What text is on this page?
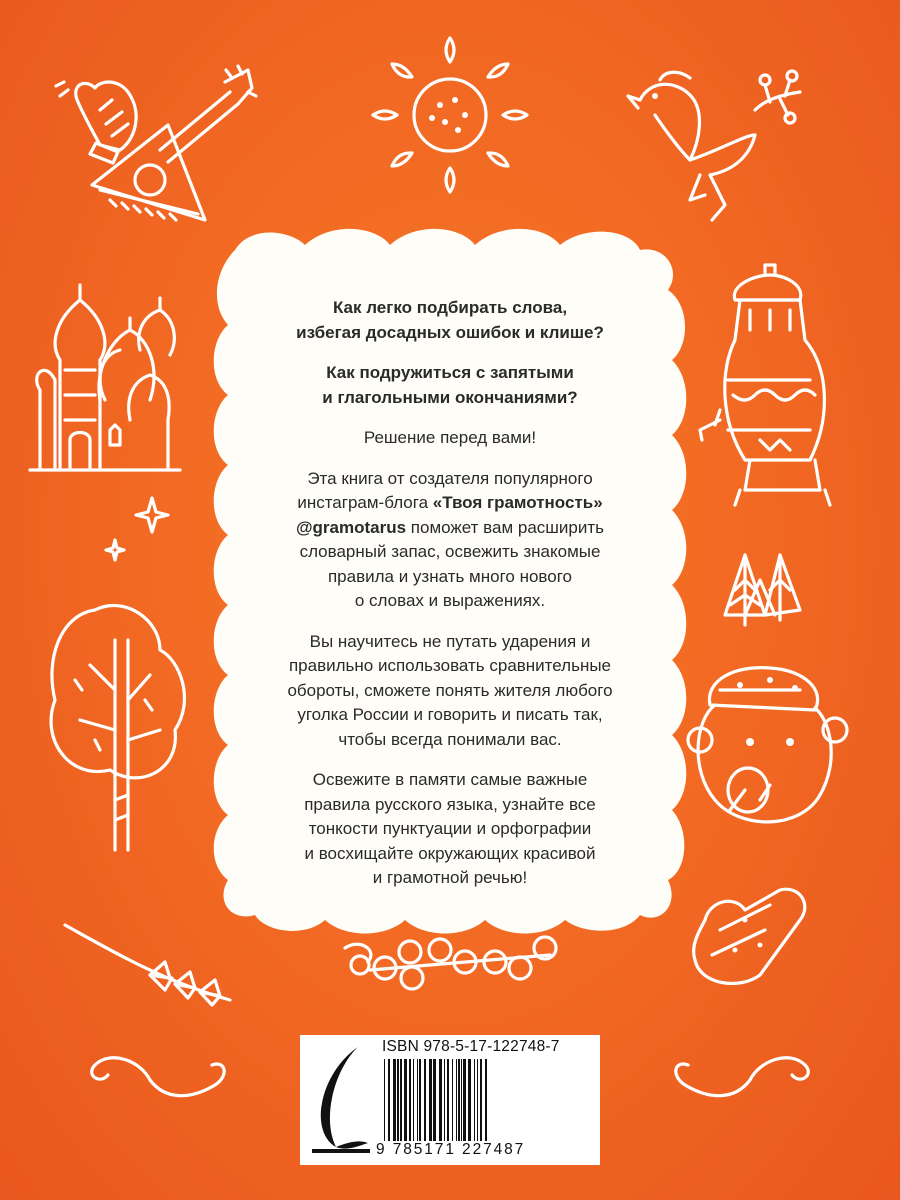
Как легко подбирать слова,
избегая досадных ошибок и клише?

Как подружиться с запятыми
и глагольными окончаниями?

Решение перед вами!

Эта книга от создателя популярного
инстаграм-блога «Твоя грамотность»
@gramotarus поможет вам расширить
словарный запас, освежить знакомые
правила и узнать много нового
о словах и выражениях.

Вы научитесь не путать ударения и
правильно использовать сравнительные
обороты, сможете понять жителя любого
уголка России и говорить и писать так,
чтобы всегда понимали вас.

Освежите в памяти самые важные
правила русского языка, узнайте все
тонкости пунктуации и орфографии
и восхищайте окружающих красивой
и грамотной речью!

ISBN 978-5-17-122748-7
9 785171 227487
